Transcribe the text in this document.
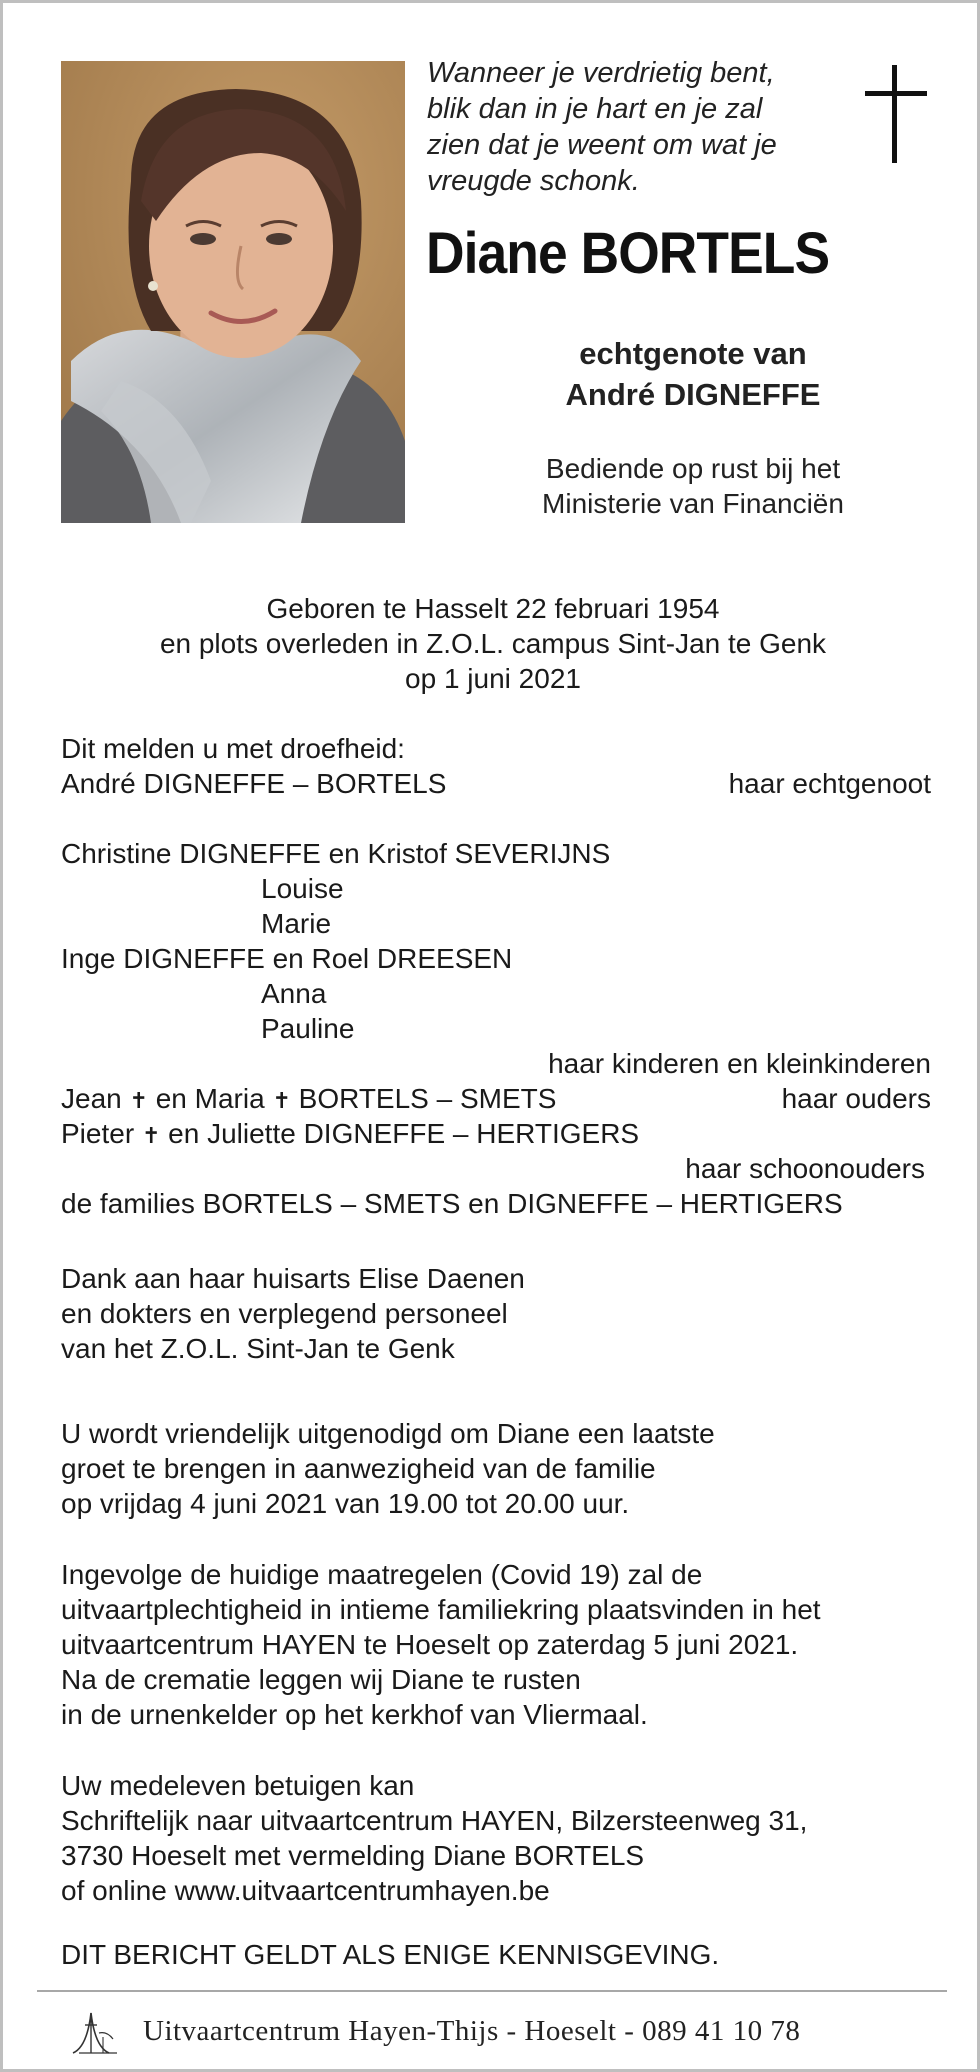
Wanneer je verdrietig bent,
blik dan in je hart en je zal
zien dat je weent om wat je
vreugde schonk.
Diane BORTELS
echtgenote van
André DIGNEFFE
Bediende op rust bij het
Ministerie van Financiën
Geboren te Hasselt 22 februari 1954
en plots overleden in Z.O.L. campus Sint-Jan te Genk
op 1 juni 2021
Dit melden u met droefheid:
André DIGNEFFE – BORTELS	haar echtgenoot
Christine DIGNEFFE en Kristof SEVERIJNS
Louise
Marie
Inge DIGNEFFE en Roel DREESEN
Anna
Pauline
haar kinderen en kleinkinderen
Jean ✝ en Maria ✝ BORTELS – SMETS	haar ouders
Pieter ✝ en Juliette DIGNEFFE – HERTIGERS
haar schoonouders
de families BORTELS – SMETS en DIGNEFFE – HERTIGERS
Dank aan haar huisarts Elise Daenen
en dokters en verplegend personeel
van het Z.O.L. Sint-Jan te Genk
U wordt vriendelijk uitgenodigd om Diane een laatste
groet te brengen in aanwezigheid van de familie
op vrijdag 4 juni 2021 van 19.00 tot 20.00 uur.
Ingevolge de huidige maatregelen (Covid 19) zal de
uitvaartplechtigheid in intieme familiekring plaatsvinden in het
uitvaartcentrum HAYEN te Hoeselt op zaterdag 5 juni 2021.
Na de crematie leggen wij Diane te rusten
in de urnenkelder op het kerkhof van Vliermaal.
Uw medeleven betuigen kan
Schriftelijk naar uitvaartcentrum HAYEN, Bilzersteenweg 31,
3730 Hoeselt met vermelding Diane BORTELS
of online www.uitvaartcentrumhayen.be
DIT BERICHT GELDT ALS ENIGE KENNISGEVING.
Uitvaartcentrum Hayen-Thijs - Hoeselt - 089 41 10 78
